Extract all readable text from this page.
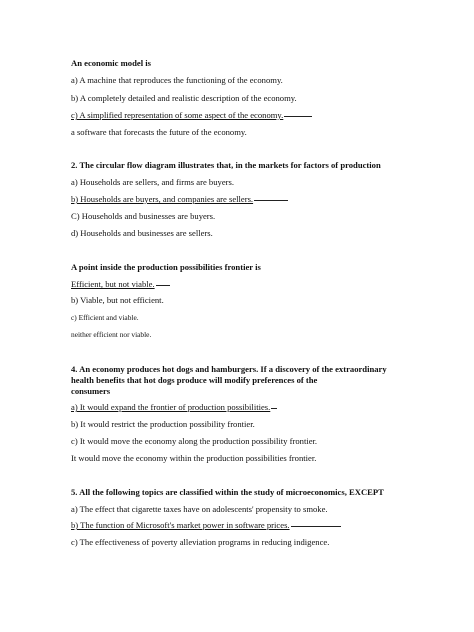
An economic model is
a) A machine that reproduces the functioning of the economy.
b) A completely detailed and realistic description of the economy.
c) A simplified representation of some aspect of the economy.
a software that forecasts the future of the economy.
2. The circular flow diagram illustrates that, in the markets for factors of production
a) Households are sellers, and firms are buyers.
b) Households are buyers, and companies are sellers.
C) Households and businesses are buyers.
d) Households and businesses are sellers.
A point inside the production possibilities frontier is
Efficient, but not viable.
b) Viable, but not efficient.
c) Efficient and viable.
neither efficient nor viable.
4. An economy produces hot dogs and hamburgers. If a discovery of the extraordinary
health benefits that hot dogs produce will modify preferences of the
consumers
a) It would expand the frontier of production possibilities.
b) It would restrict the production possibility frontier.
c) It would move the economy along the production possibility frontier.
It would move the economy within the production possibilities frontier.
5. All the following topics are classified within the study of microeconomics, EXCEPT
a) The effect that cigarette taxes have on adolescents' propensity to smoke.
b) The function of Microsoft's market power in software prices.
c) The effectiveness of poverty alleviation programs in reducing indigence.
